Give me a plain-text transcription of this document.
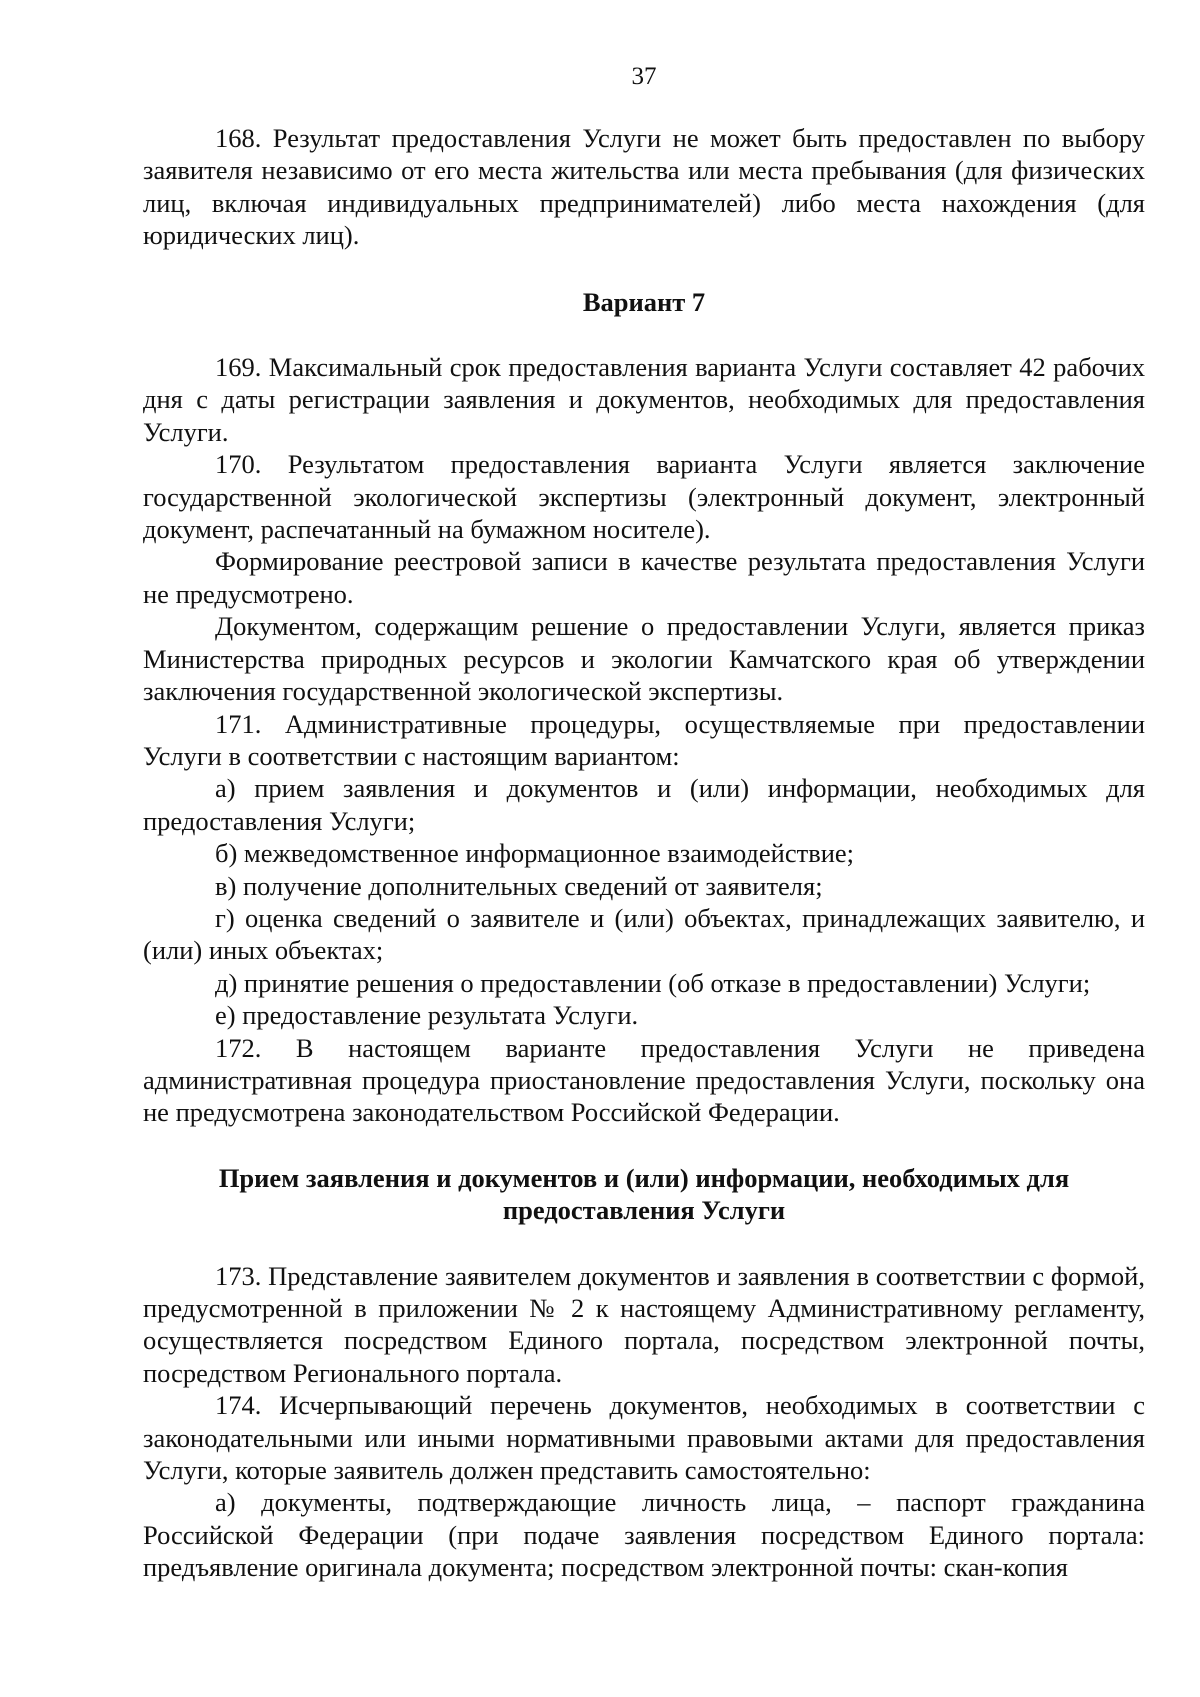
37

168. Результат предоставления Услуги не может быть предоставлен по выбору заявителя независимо от его места жительства или места пребывания (для физических лиц, включая индивидуальных предпринимателей) либо места нахождения (для юридических лиц).

Вариант 7

169. Максимальный срок предоставления варианта Услуги составляет 42 рабочих дня с даты регистрации заявления и документов, необходимых для предоставления Услуги.

170. Результатом предоставления варианта Услуги является заключение государственной экологической экспертизы (электронный документ, электронный документ, распечатанный на бумажном носителе).

Формирование реестровой записи в качестве результата предоставления Услуги не предусмотрено.

Документом, содержащим решение о предоставлении Услуги, является приказ Министерства природных ресурсов и экологии Камчатского края об утверждении заключения государственной экологической экспертизы.

171. Административные процедуры, осуществляемые при предоставлении Услуги в соответствии с настоящим вариантом:

а) прием заявления и документов и (или) информации, необходимых для предоставления Услуги;

б) межведомственное информационное взаимодействие;

в) получение дополнительных сведений от заявителя;

г) оценка сведений о заявителе и (или) объектах, принадлежащих заявителю, и (или) иных объектах;

д) принятие решения о предоставлении (об отказе в предоставлении) Услуги;

е) предоставление результата Услуги.

172. В настоящем варианте предоставления Услуги не приведена административная процедура приостановление предоставления Услуги, поскольку она не предусмотрена законодательством Российской Федерации.

Прием заявления и документов и (или) информации, необходимых для предоставления Услуги

173. Представление заявителем документов и заявления в соответствии с формой, предусмотренной в приложении № 2 к настоящему Административному регламенту, осуществляется посредством Единого портала, посредством электронной почты, посредством Регионального портала.

174. Исчерпывающий перечень документов, необходимых в соответствии с законодательными или иными нормативными правовыми актами для предоставления Услуги, которые заявитель должен представить самостоятельно:

а) документы, подтверждающие личность лица, – паспорт гражданина Российской Федерации (при подаче заявления посредством Единого портала: предъявление оригинала документа; посредством электронной почты: скан-копия
